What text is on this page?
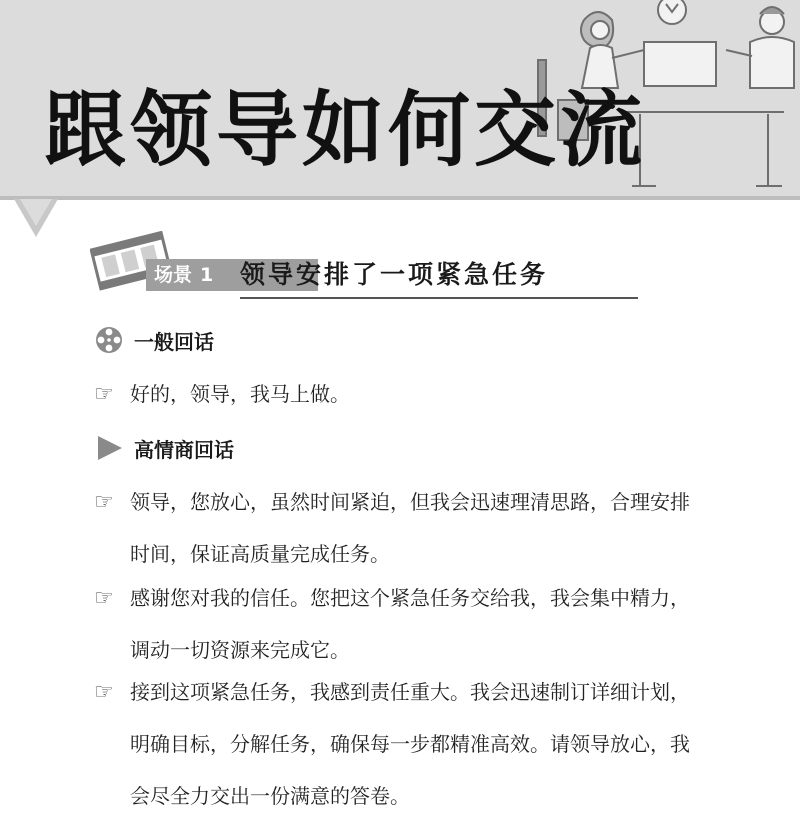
跟领导如何交流
场景 1	领导安排了一项紧急任务
一般回话
☞ 好的，领导，我马上做。
高情商回话
☞ 领导，您放心，虽然时间紧迫，但我会迅速理清思路，合理安排
时间，保证高质量完成任务。
☞ 感谢您对我的信任。您把这个紧急任务交给我，我会集中精力，
调动一切资源来完成它。
☞ 接到这项紧急任务，我感到责任重大。我会迅速制订详细计划，
明确目标，分解任务，确保每一步都精准高效。请领导放心，我
会尽全力交出一份满意的答卷。
